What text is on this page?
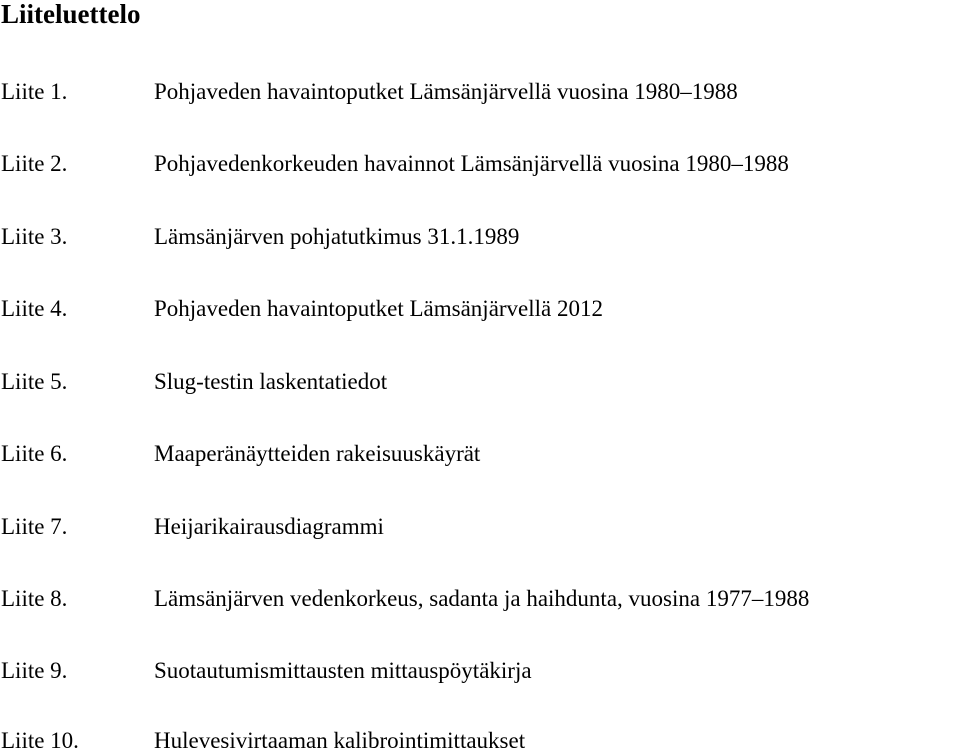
Liiteluettelo
Liite 1.	Pohjaveden havaintoputket Lämsänjärvellä vuosina 1980–1988
Liite 2.	Pohjavedenkorkeuden havainnot Lämsänjärvellä vuosina 1980–1988
Liite 3.	Lämsänjärven pohjatutkimus 31.1.1989
Liite 4.	Pohjaveden havaintoputket Lämsänjärvellä 2012
Liite 5.	Slug-testin laskentatiedot
Liite 6.	Maaperänäytteiden rakeisuuskäyrät
Liite 7.	Heijarikairausdiagrammi
Liite 8.	Lämsänjärven vedenkorkeus, sadanta ja haihdunta, vuosina 1977–1988
Liite 9.	Suotautumismittausten mittauspöytäkirja
Liite 10.	Hulevesivirtaaman kalibrointimittaukset
